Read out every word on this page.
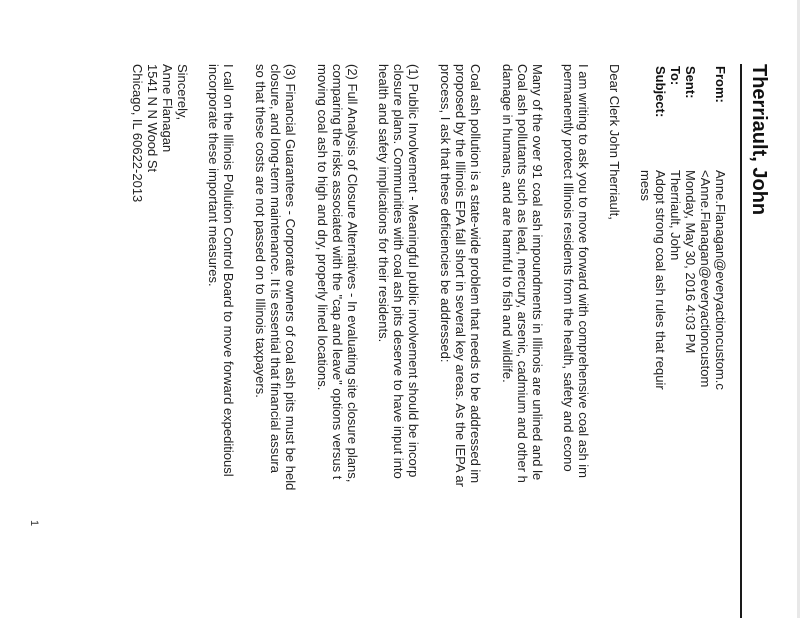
Therriault, John
From:
Anne.Flanagan@everyactioncustom.c
<Anne.Flanagan@everyactioncustom
Sent:
Monday, May 30, 2016 4:03 PM
To:
Therriault, John
Subject:
Adopt strong coal ash rules that requir
mess
Dear Clerk John Therriault,
I am writing to ask you to move forward with comprehensive coal ash im
permanently protect Illinois residents from the health, safety and econo
Many of the over 91 coal ash impoundments in Illinois are unlined and le
Coal ash pollutants such as lead, mercury, arsenic, cadmium and other h
damage in humans, and are harmful to fish and wildlife.
Coal ash pollution is a state-wide problem that needs to be addressed im
proposed by the Illinois EPA fall short in several key areas. As the IEPA ar
process, I ask that these deficiencies be addressed:
(1) Public Involvement - Meaningful public involvement should be incorp
closure plans. Communities with coal ash pits deserve to have input into
health and safety implications for their residents.
(2) Full Analysis of Closure Alternatives - In evaluating site closure plans,
comparing the risks associated with the "cap and leave" options versus t
moving coal ash to high and dry, properly lined locations.
(3) Financial Guarantees - Corporate owners of coal ash pits must be held
closure, and long-term maintenance. It is essential that financial assura
so that these costs are not passed on to Illinois taxpayers.
I call on the Illinois Pollution Control Board to move forward expeditiousl
incorporate these important measures.
Sincerely,
Anne Flanagan
1541 N N Wood St
Chicago, IL 60622-2013
1
